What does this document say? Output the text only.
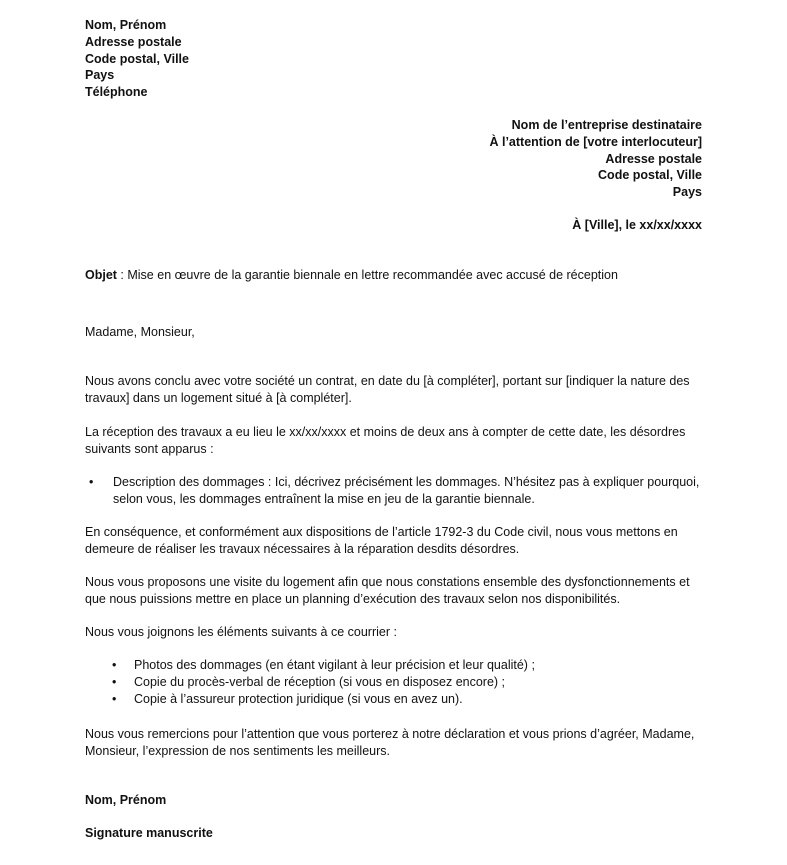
Nom, Prénom
Adresse postale
Code postal, Ville
Pays
Téléphone
Nom de l’entreprise destinataire
À l’attention de [votre interlocuteur]
Adresse postale
Code postal, Ville
Pays
À [Ville], le xx/xx/xxxx
Objet : Mise en œuvre de la garantie biennale en lettre recommandée avec accusé de réception
Madame, Monsieur,
Nous avons conclu avec votre société un contrat, en date du [à compléter], portant sur [indiquer la nature des
travaux] dans un logement situé à [à compléter].
La réception des travaux a eu lieu le xx/xx/xxxx et moins de deux ans à compter de cette date, les désordres
suivants sont apparus :
• Description des dommages : Ici, décrivez précisément les dommages. N’hésitez pas à expliquer pourquoi,
selon vous, les dommages entraînent la mise en jeu de la garantie biennale.
En conséquence, et conformément aux dispositions de l’article 1792-3 du Code civil, nous vous mettons en
demeure de réaliser les travaux nécessaires à la réparation desdits désordres.
Nous vous proposons une visite du logement afin que nous constations ensemble des dysfonctionnements et
que nous puissions mettre en place un planning d’exécution des travaux selon nos disponibilités.
Nous vous joignons les éléments suivants à ce courrier :
• Photos des dommages (en étant vigilant à leur précision et leur qualité) ;
• Copie du procès-verbal de réception (si vous en disposez encore) ;
• Copie à l’assureur protection juridique (si vous en avez un).
Nous vous remercions pour l’attention que vous porterez à notre déclaration et vous prions d’agréer, Madame,
Monsieur, l’expression de nos sentiments les meilleurs.
Nom, Prénom
Signature manuscrite
